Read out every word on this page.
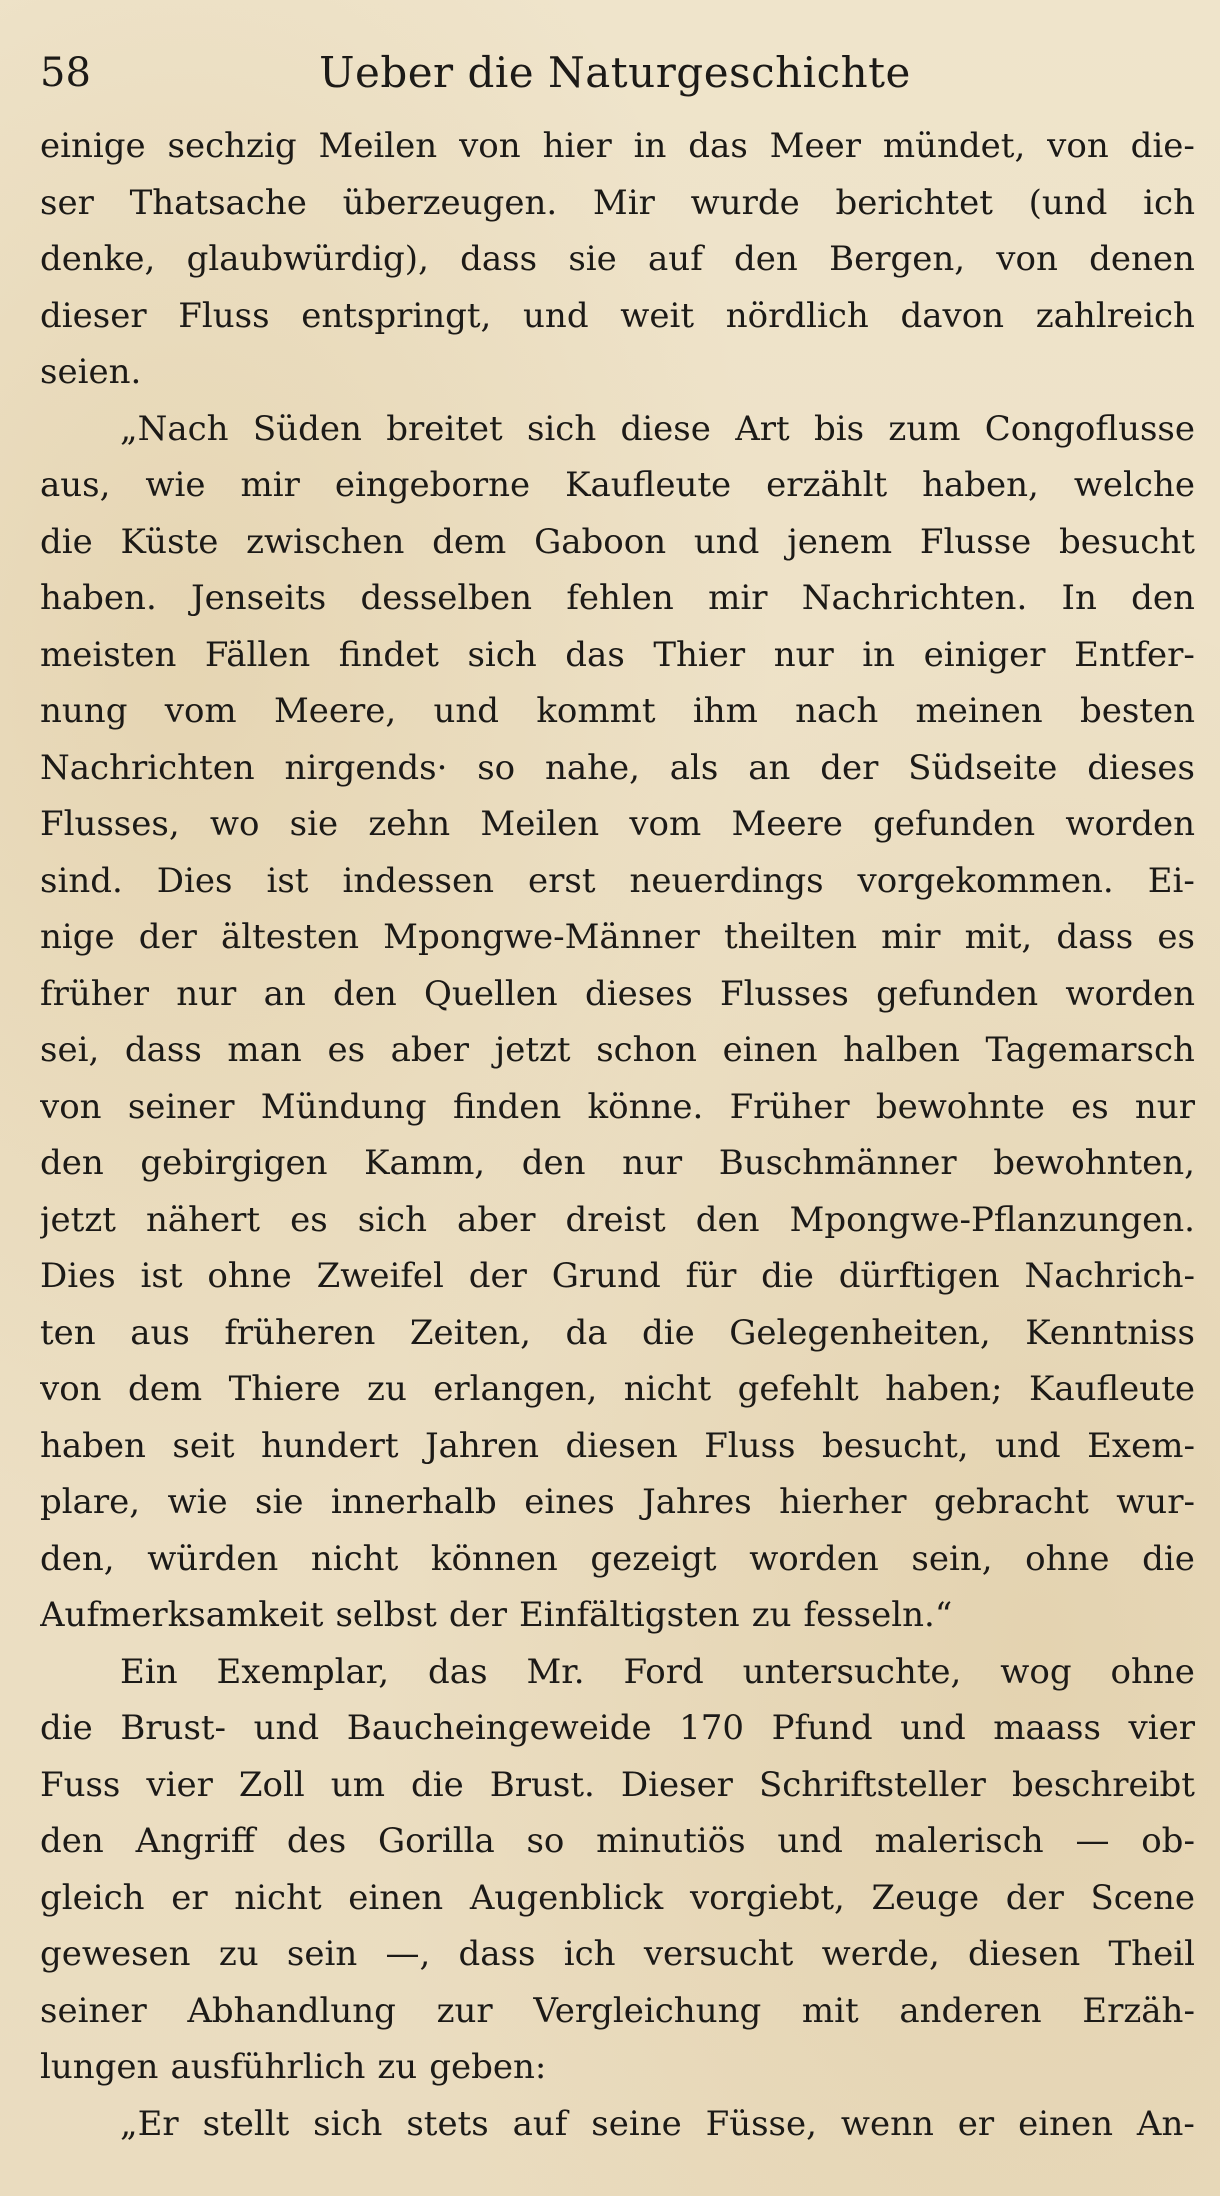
58	Ueber die Naturgeschichte
einige sechzig Meilen von hier in das Meer mündet, von die-
ser Thatsache überzeugen. Mir wurde berichtet (und ich
denke, glaubwürdig), dass sie auf den Bergen, von denen
dieser Fluss entspringt, und weit nördlich davon zahlreich
seien.
„Nach Süden breitet sich diese Art bis zum Congoflusse
aus, wie mir eingeborne Kaufleute erzählt haben, welche
die Küste zwischen dem Gaboon und jenem Flusse besucht
haben. Jenseits desselben fehlen mir Nachrichten. In den
meisten Fällen findet sich das Thier nur in einiger Entfer-
nung vom Meere, und kommt ihm nach meinen besten
Nachrichten nirgends· so nahe, als an der Südseite dieses
Flusses, wo sie zehn Meilen vom Meere gefunden worden
sind. Dies ist indessen erst neuerdings vorgekommen. Ei-
nige der ältesten Mpongwe-Männer theilten mir mit, dass es
früher nur an den Quellen dieses Flusses gefunden worden
sei, dass man es aber jetzt schon einen halben Tagemarsch
von seiner Mündung finden könne. Früher bewohnte es nur
den gebirgigen Kamm, den nur Buschmänner bewohnten,
jetzt nähert es sich aber dreist den Mpongwe-Pflanzungen.
Dies ist ohne Zweifel der Grund für die dürftigen Nachrich-
ten aus früheren Zeiten, da die Gelegenheiten, Kenntniss
von dem Thiere zu erlangen, nicht gefehlt haben; Kaufleute
haben seit hundert Jahren diesen Fluss besucht, und Exem-
plare, wie sie innerhalb eines Jahres hierher gebracht wur-
den, würden nicht können gezeigt worden sein, ohne die
Aufmerksamkeit selbst der Einfältigsten zu fesseln.“
Ein Exemplar, das Mr. Ford untersuchte, wog ohne
die Brust- und Baucheingeweide 170 Pfund und maass vier
Fuss vier Zoll um die Brust. Dieser Schriftsteller beschreibt
den Angriff des Gorilla so minutiös und malerisch — ob-
gleich er nicht einen Augenblick vorgiebt, Zeuge der Scene
gewesen zu sein —, dass ich versucht werde, diesen Theil
seiner Abhandlung zur Vergleichung mit anderen Erzäh-
lungen ausführlich zu geben:
„Er stellt sich stets auf seine Füsse, wenn er einen An-
